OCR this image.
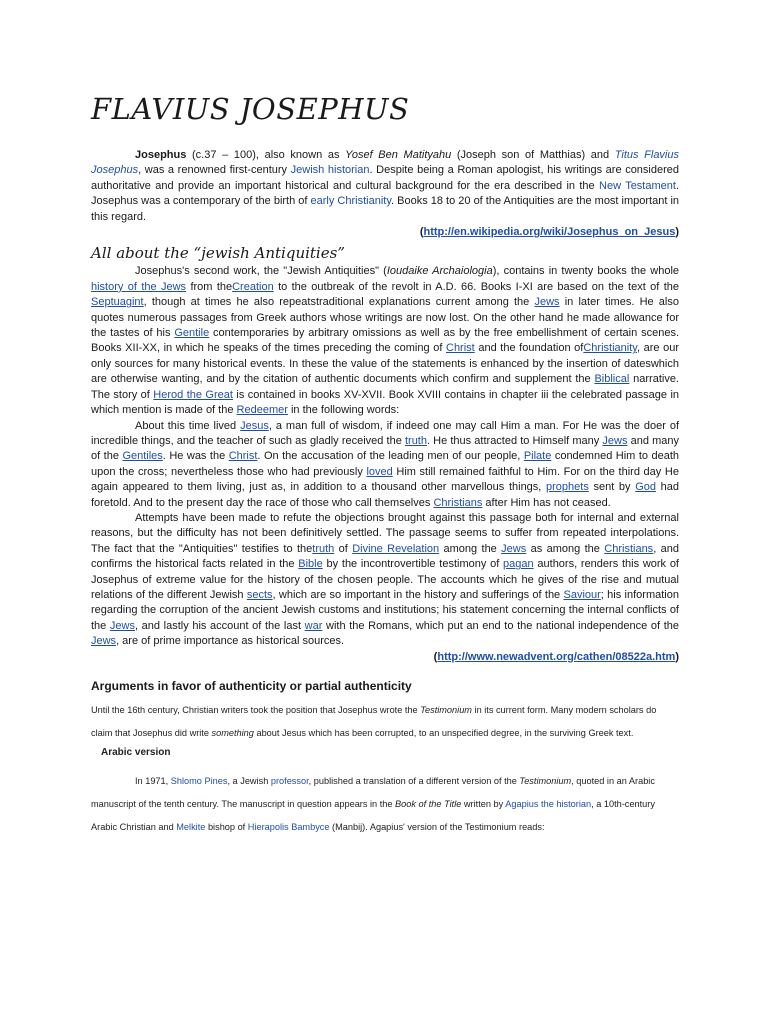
FLAVIUS JOSEPHUS

Josephus (c.37 – 100), also known as Yosef Ben Matityahu (Joseph son of Matthias) and Titus Flavius Josephus, was a renowned first-century Jewish historian. Despite being a Roman apologist, his writings are considered authoritative and provide an important historical and cultural background for the era described in the New Testament. Josephus was a contemporary of the birth of early Christianity. Books 18 to 20 of the Antiquities are the most important in this regard.

(http://en.wikipedia.org/wiki/Josephus_on_Jesus)

All about the “jewish Antiquities”

Josephus's second work, the "Jewish Antiquities" (Ioudaike Archaiologia), contains in twenty books the whole history of the Jews from theCreation to the outbreak of the revolt in A.D. 66. Books I-XI are based on the text of the Septuagint, though at times he also repeatstraditional explanations current among the Jews in later times. He also quotes numerous passages from Greek authors whose writings are now lost. On the other hand he made allowance for the tastes of his Gentile contemporaries by arbitrary omissions as well as by the free embellishment of certain scenes. Books XII-XX, in which he speaks of the times preceding the coming of Christ and the foundation ofChristianity, are our only sources for many historical events. In these the value of the statements is enhanced by the insertion of dateswhich are otherwise wanting, and by the citation of authentic documents which confirm and supplement the Biblical narrative. The story of Herod the Great is contained in books XV-XVII. Book XVIII contains in chapter iii the celebrated passage in which mention is made of the Redeemer in the following words:

About this time lived Jesus, a man full of wisdom, if indeed one may call Him a man. For He was the doer of incredible things, and the teacher of such as gladly received the truth. He thus attracted to Himself many Jews and many of the Gentiles. He was the Christ. On the accusation of the leading men of our people, Pilate condemned Him to death upon the cross; nevertheless those who had previously loved Him still remained faithful to Him. For on the third day He again appeared to them living, just as, in addition to a thousand other marvellous things, prophets sent by God had foretold. And to the present day the race of those who call themselves Christians after Him has not ceased.

Attempts have been made to refute the objections brought against this passage both for internal and external reasons, but the difficulty has not been definitively settled. The passage seems to suffer from repeated interpolations. The fact that the "Antiquities" testifies to thetruth of Divine Revelation among the Jews as among the Christians, and confirms the historical facts related in the Bible by the incontrovertible testimony of pagan authors, renders this work of Josephus of extreme value for the history of the chosen people. The accounts which he gives of the rise and mutual relations of the different Jewish sects, which are so important in the history and sufferings of the Saviour; his information regarding the corruption of the ancient Jewish customs and institutions; his statement concerning the internal conflicts of the Jews, and lastly his account of the last war with the Romans, which put an end to the national independence of the Jews, are of prime importance as historical sources.

(http://www.newadvent.org/cathen/08522a.htm)

Arguments in favor of authenticity or partial authenticity

Until the 16th century, Christian writers took the position that Josephus wrote the Testimonium in its current form. Many modern scholars do claim that Josephus did write something about Jesus which has been corrupted, to an unspecified degree, in the surviving Greek text.

Arabic version

In 1971, Shlomo Pines, a Jewish professor, published a translation of a different version of the Testimonium, quoted in an Arabic manuscript of the tenth century. The manuscript in question appears in the Book of the Title written by Agapius the historian, a 10th-century Arabic Christian and Melkite bishop of Hierapolis Bambyce (Manbij). Agapius' version of the Testimonium reads:
